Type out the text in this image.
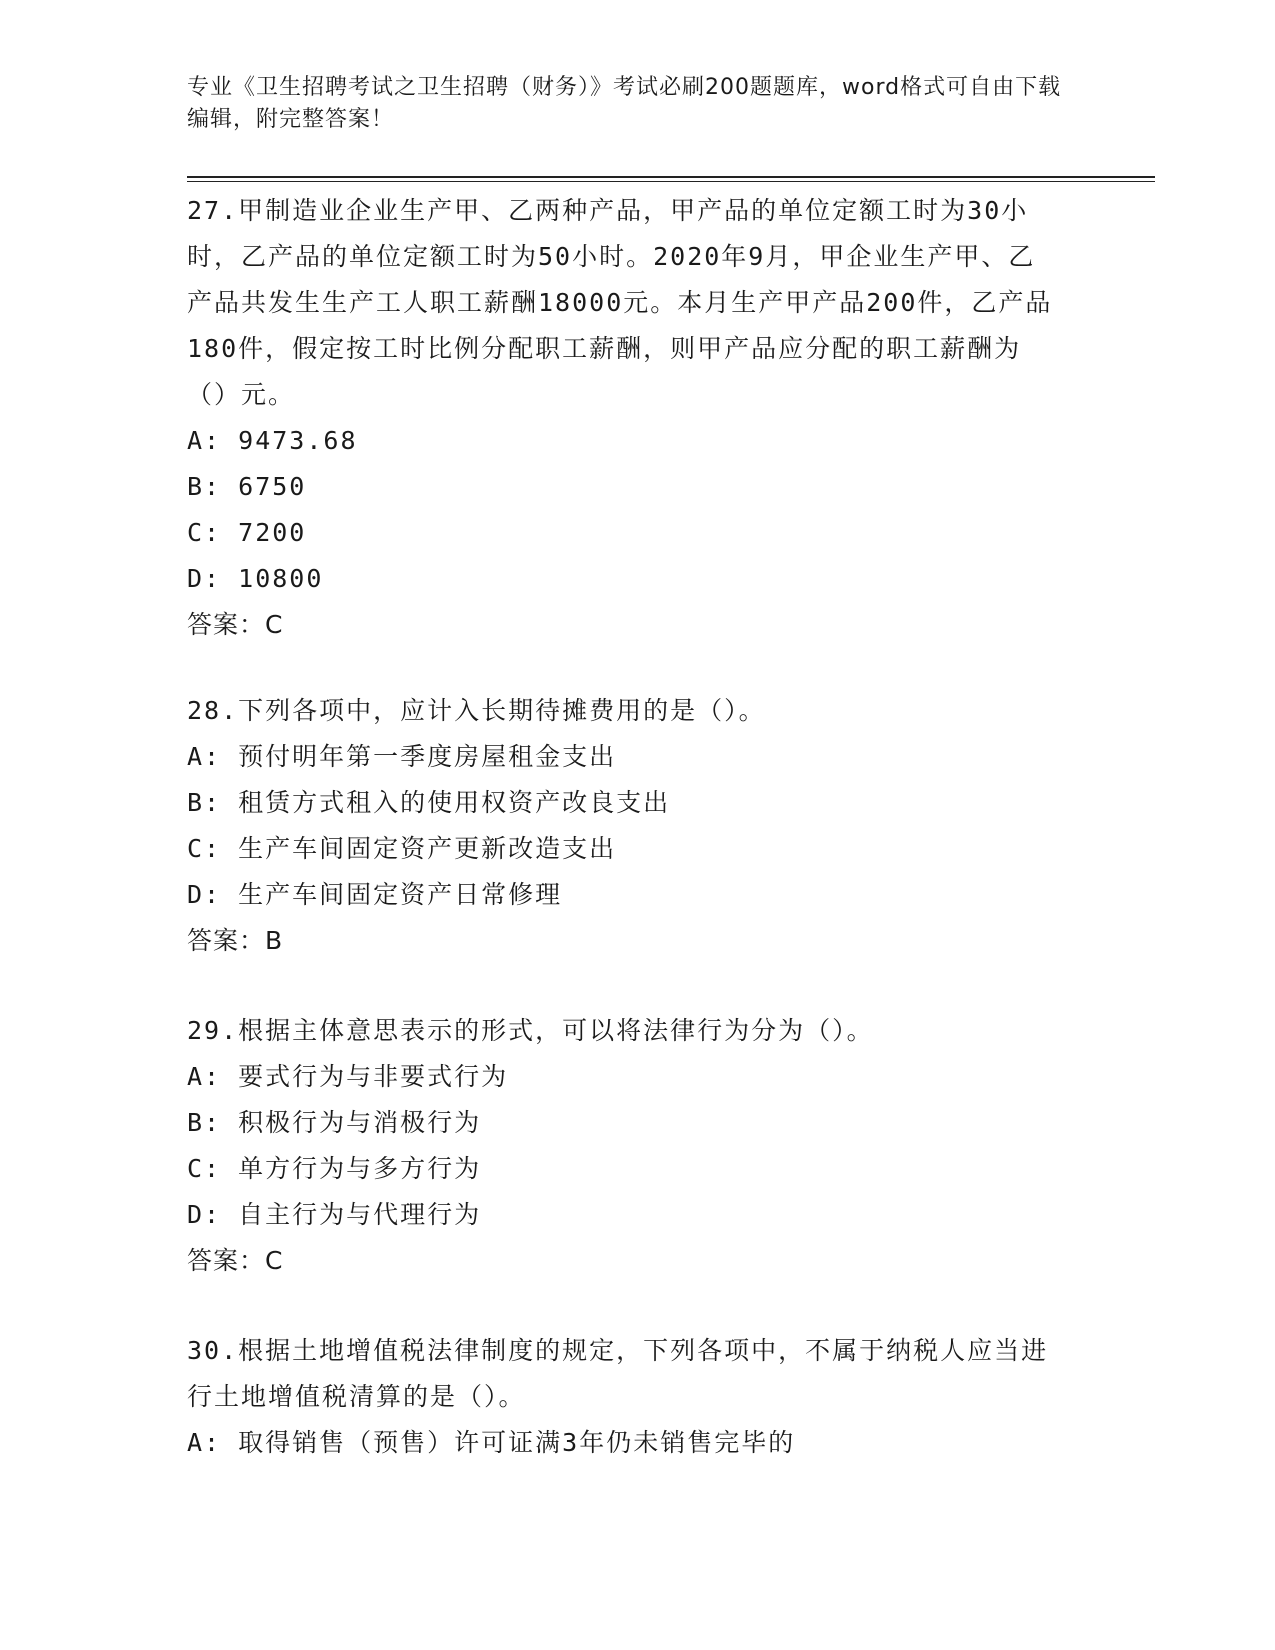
专业《卫生招聘考试之卫生招聘（财务）》考试必刷200题题库，word格式可自由下载编辑，附完整答案！

27.甲制造业企业生产甲、乙两种产品，甲产品的单位定额工时为30小时，乙产品的单位定额工时为50小时。2020年9月，甲企业生产甲、乙产品共发生生产工人职工薪酬18000元。本月生产甲产品200件，乙产品180件，假定按工时比例分配职工薪酬，则甲产品应分配的职工薪酬为（）元。

A: 9473.68

B: 6750

C: 7200

D: 10800

答案：C

28.下列各项中，应计入长期待摊费用的是（）。

A: 预付明年第一季度房屋租金支出

B: 租赁方式租入的使用权资产改良支出

C: 生产车间固定资产更新改造支出

D: 生产车间固定资产日常修理

答案：B

29.根据主体意思表示的形式，可以将法律行为分为（）。

A: 要式行为与非要式行为

B: 积极行为与消极行为

C: 单方行为与多方行为

D: 自主行为与代理行为

答案：C

30.根据土地增值税法律制度的规定，下列各项中，不属于纳税人应当进行土地增值税清算的是（）。

A: 取得销售（预售）许可证满3年仍未销售完毕的
